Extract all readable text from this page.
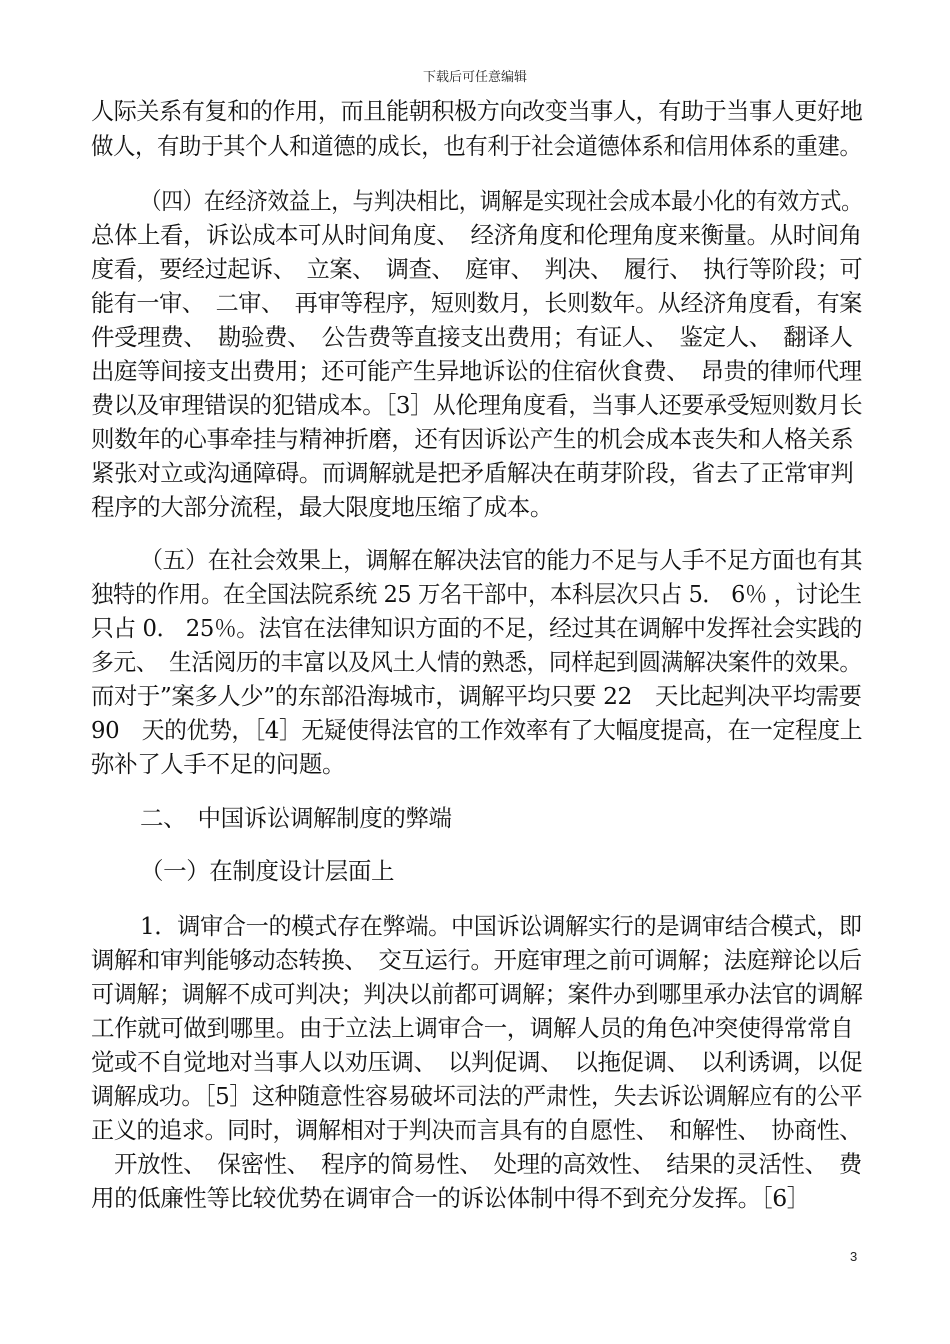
下载后可任意编辑
人际关系有复和的作用，而且能朝积极方向改变当事人，有助于当事人更好地
做人，有助于其个人和道德的成长，也有利于社会道德体系和信用体系的重建。
（四）在经济效益上，与判决相比，调解是实现社会成本最小化的有效方式。
总体上看，诉讼成本可从时间角度、　经济角度和伦理角度来衡量。从时间角
度看，要经过起诉、　立案、　调查、　庭审、　判决、　履行、　执行等阶段；可
能有一审、　二审、　再审等程序，短则数月，长则数年。从经济角度看，有案
件受理费、　勘验费、　公告费等直接支出费用；有证人、　鉴定人、　翻译人
出庭等间接支出费用；还可能产生异地诉讼的住宿伙食费、　昂贵的律师代理
费以及审理错误的犯错成本。［3］从伦理角度看，当事人还要承受短则数月长
则数年的心事牵挂与精神折磨，还有因诉讼产生的机会成本丧失和人格关系
紧张对立或沟通障碍。而调解就是把矛盾解决在萌芽阶段，省去了正常审判
程序的大部分流程，最大限度地压缩了成本。
（五）在社会效果上，调解在解决法官的能力不足与人手不足方面也有其
独特的作用。在全国法院系统 25 万名干部中，本科层次只占 5． 6％ ，讨论生
只占 0． 25％。法官在法律知识方面的不足，经过其在调解中发挥社会实践的
多元、　生活阅历的丰富以及风土人情的熟悉，同样起到圆满解决案件的效果。
而对于”案多人少”的东部沿海城市，调解平均只要 22　天比起判决平均需要
90　天的优势，［4］无疑使得法官的工作效率有了大幅度提高，在一定程度上
弥补了人手不足的问题。
二、　中国诉讼调解制度的弊端
（一）在制度设计层面上
1．调审合一的模式存在弊端。中国诉讼调解实行的是调审结合模式，即
调解和审判能够动态转换、　交互运行。开庭审理之前可调解；法庭辩论以后
可调解；调解不成可判决；判决以前都可调解；案件办到哪里承办法官的调解
工作就可做到哪里。由于立法上调审合一，调解人员的角色冲突使得常常自
觉或不自觉地对当事人以劝压调、　以判促调、　以拖促调、　以利诱调，以促
调解成功。［5］这种随意性容易破坏司法的严肃性，失去诉讼调解应有的公平
正义的追求。同时，调解相对于判决而言具有的自愿性、　和解性、　协商性、
　开放性、　保密性、　程序的简易性、　处理的高效性、　结果的灵活性、　费
用的低廉性等比较优势在调审合一的诉讼体制中得不到充分发挥。［6］
3
